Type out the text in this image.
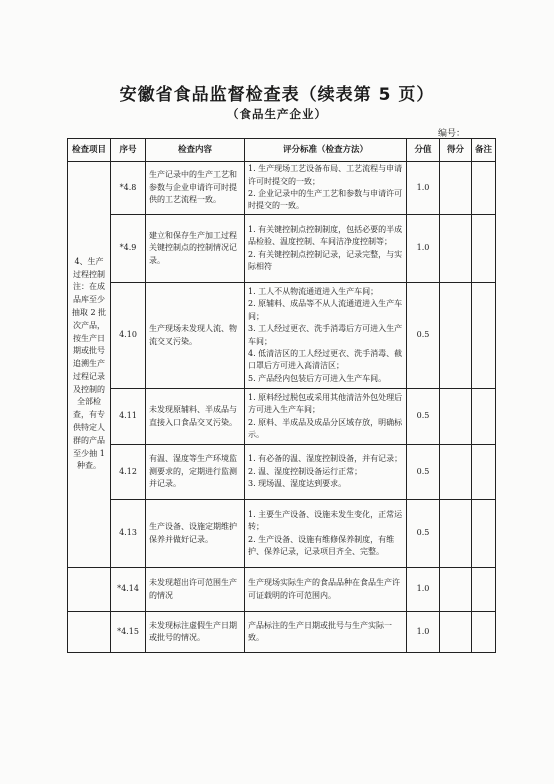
安徽省食品监督检查表（续表第 5 页）
（食品生产企业）
编号：
检查项目	序号	检查内容	评分标准（检查方法）	分值	得分	备注

4、生产过程控制
注：在成品库至少抽取 2 批次产品，按生产日期或批号追溯生产过程记录及控制的全部检查，有专供特定人群的产品至少抽 1 种查。	*4.8	生产记录中的生产工艺和参数与企业申请许可时提供的工艺流程一致。	1. 生产现场工艺设备布局、工艺流程与申请许可时提交的一致；
2. 企业记录中的生产工艺和参数与申请许可时提交的一致。	1.0		
	*4.9	建立和保存生产加工过程关键控制点的控制情况记录。	1. 有关键控制点控制制度，包括必要的半成品检验、温度控制、车间洁净度控制等；
2. 有关键控制点控制记录，记录完整，与实际相符	1.0		
	4.10	生产现场未发现人流、物流交叉污染。	1. 工人不从物流通道进入生产车间；
2. 原辅料、成品等不从人流通道进入生产车间；
3. 工人经过更衣、洗手消毒后方可进入生产车间；
4. 低清洁区的工人经过更衣、洗手消毒、截口罩后方可进入高清洁区；
5. 产品经内包装后方可进入生产车间。	0.5		
	4.11	未发现原辅料、半成品与直接入口食品交叉污染。	1. 原料经过脱包或采用其他清洁外包处理后方可进入生产车间；
2. 原料、半成品及成品分区域存放，明确标示。	0.5		
	4.12	有温、湿度等生产环境监测要求的，定期进行监测并记录。	1. 有必备的温、湿度控制设备，并有记录；
2. 温、湿度控制设备运行正常；
3. 现场温、湿度达到要求。	0.5		
	4.13	生产设备、设施定期维护保养并做好记录。	1. 主要生产设备、设施未发生变化，正常运转；
2. 生产设备、设施有维修保养制度，有维护、保养记录，记录项目齐全、完整。	0.5		
	*4.14	未发现超出许可范围生产的情况	生产现场实际生产的食品品种在食品生产许可证载明的许可范围内。	1.0		
	*4.15	未发现标注虚假生产日期或批号的情况。	产品标注的生产日期或批号与生产实际一致。	1.0		
